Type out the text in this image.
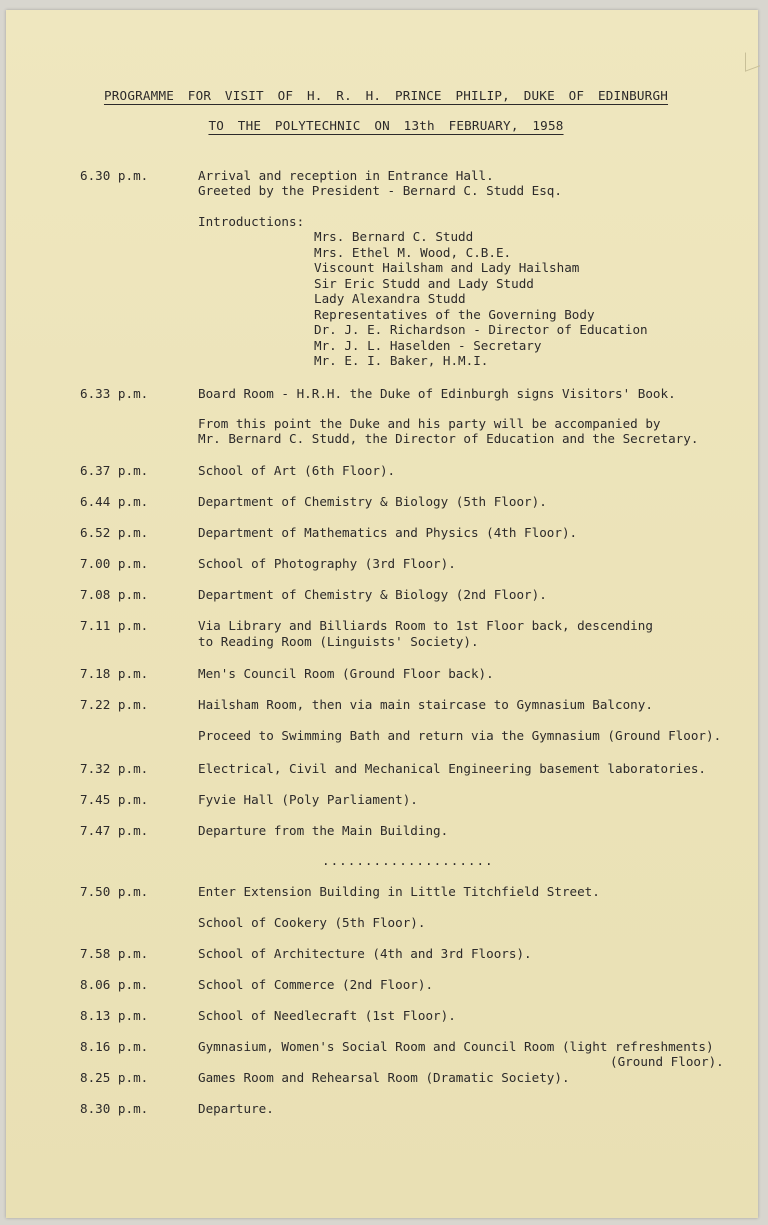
PROGRAMME FOR VISIT OF H. R. H. PRINCE PHILIP, DUKE OF EDINBURGH
TO THE POLYTECHNIC ON 13th FEBRUARY, 1958
6.30 p.m.	Arrival and reception in Entrance Hall.
Greeted by the President - Bernard C. Studd Esq.
Introductions:
Mrs. Bernard C. Studd
Mrs. Ethel M. Wood, C.B.E.
Viscount Hailsham and Lady Hailsham
Sir Eric Studd and Lady Studd
Lady Alexandra Studd
Representatives of the Governing Body
Dr. J. E. Richardson - Director of Education
Mr. J. L. Haselden - Secretary
Mr. E. I. Baker, H.M.I.
6.33 p.m.	Board Room - H.R.H. the Duke of Edinburgh signs Visitors' Book.
From this point the Duke and his party will be accompanied by
Mr. Bernard C. Studd, the Director of Education and the Secretary.
6.37 p.m.	School of Art (6th Floor).
6.44 p.m.	Department of Chemistry & Biology (5th Floor).
6.52 p.m.	Department of Mathematics and Physics (4th Floor).
7.00 p.m.	School of Photography (3rd Floor).
7.08 p.m.	Department of Chemistry & Biology (2nd Floor).
7.11 p.m.	Via Library and Billiards Room to 1st Floor back, descending
to Reading Room (Linguists' Society).
7.18 p.m.	Men's Council Room (Ground Floor back).
7.22 p.m.	Hailsham Room, then via main staircase to Gymnasium Balcony.
Proceed to Swimming Bath and return via the Gymnasium (Ground Floor).
7.32 p.m.	Electrical, Civil and Mechanical Engineering basement laboratories.
7.45 p.m.	Fyvie Hall (Poly Parliament).
7.47 p.m.	Departure from the Main Building.
....................
7.50 p.m.	Enter Extension Building in Little Titchfield Street.
School of Cookery (5th Floor).
7.58 p.m.	School of Architecture (4th and 3rd Floors).
8.06 p.m.	School of Commerce (2nd Floor).
8.13 p.m.	School of Needlecraft (1st Floor).
8.16 p.m.	Gymnasium, Women's Social Room and Council Room (light refreshments)
(Ground Floor).
8.25 p.m.	Games Room and Rehearsal Room (Dramatic Society).
8.30 p.m.	Departure.
